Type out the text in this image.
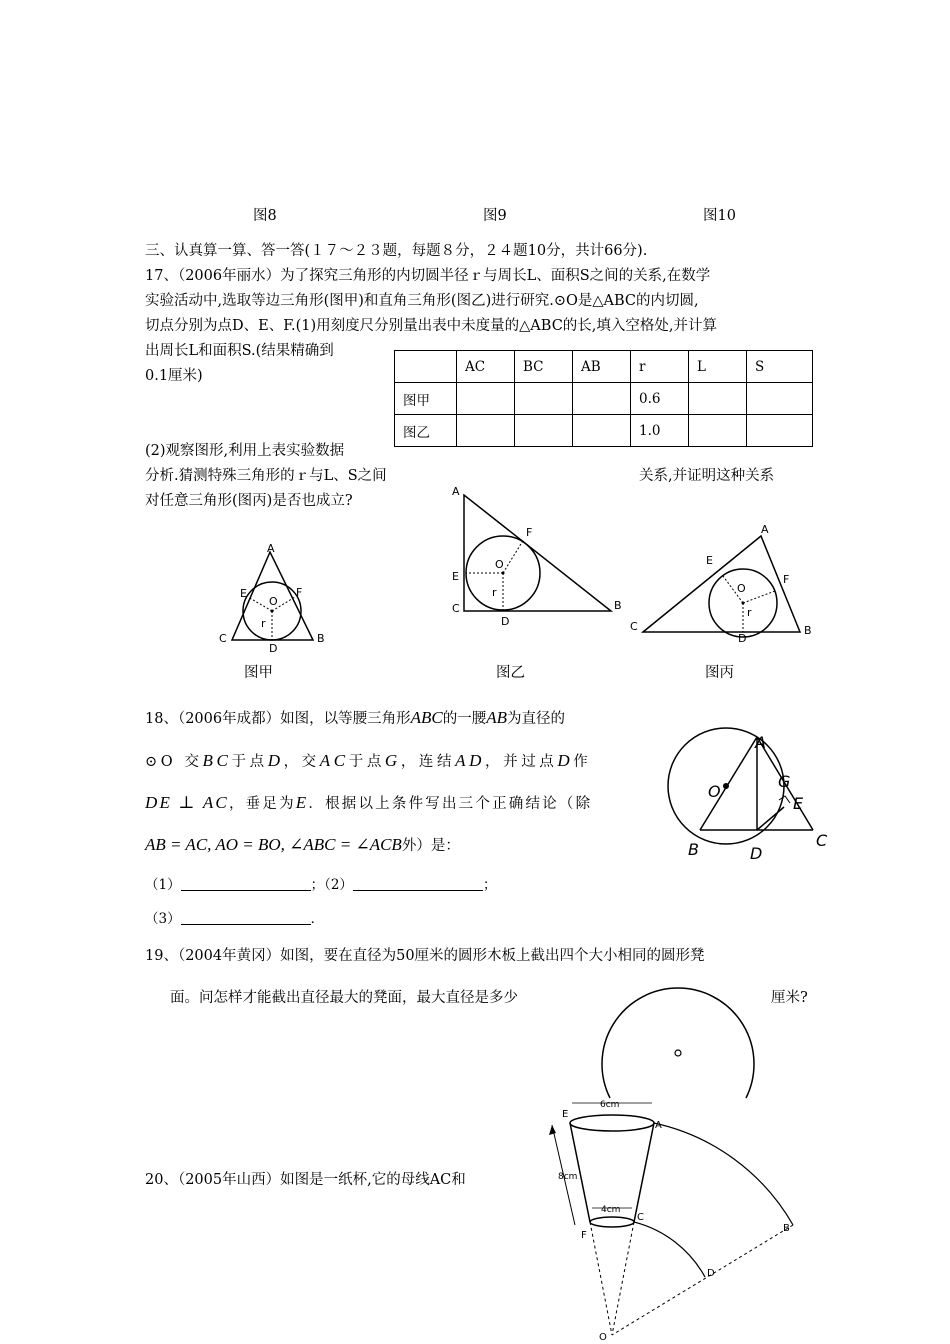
图8	图9	图10
三、认真算一算、答一答(１７～２３题，每题８分，２４题10分，共计66分).
17、（2006年丽水）为了探究三角形的内切圆半径ｒ与周长L、面积S之间的关系,在数学
实验活动中,选取等边三角形(图甲)和直角三角形(图乙)进行研究.⊙O是△ABC的内切圆,
切点分别为点D、E、F.(1)用刻度尺分别量出表中未度量的△ABC的长,填入空格处,并计算
出周长L和面积S.(结果精确到
0.1厘米)
	AC	BC	AB	r	L	S
图甲				0.6		
图乙				1.0		
(2)观察图形,利用上表实验数据
分析.猜测特殊三角形的ｒ与L、S之间	关系,并证明这种关系
对任意三角形(图丙)是否也成立?
A
E	F
O
r
C	B
D
A
F
O
E
r
C	B
D
A
E
F
O
r
C	B
D
图甲	图乙	图丙
18、（2006年成都）如图，以等腰三角形ABC的一腰AB为直径的
⊙O 交BC于点D，交AC于点G，连结AD，并过点D作
DE ⊥ AC，垂足为E．根据以上条件写出三个正确结论（除
AB = AC, AO = BO, ∠ABC = ∠ACB外）是：
（1）	；（2）	；
（3）	．
A
O
G
E
C
B	D
19、（2004年黄冈）如图，要在直径为50厘米的圆形木板上截出四个大小相同的圆形凳
面。问怎样才能截出直径最大的凳面，最大直径是多少	厘米?
20、（2005年山西）如图是一纸杯,它的母线AC和
6cm
4cm
8cm
E
A
C
F
B
D
O
